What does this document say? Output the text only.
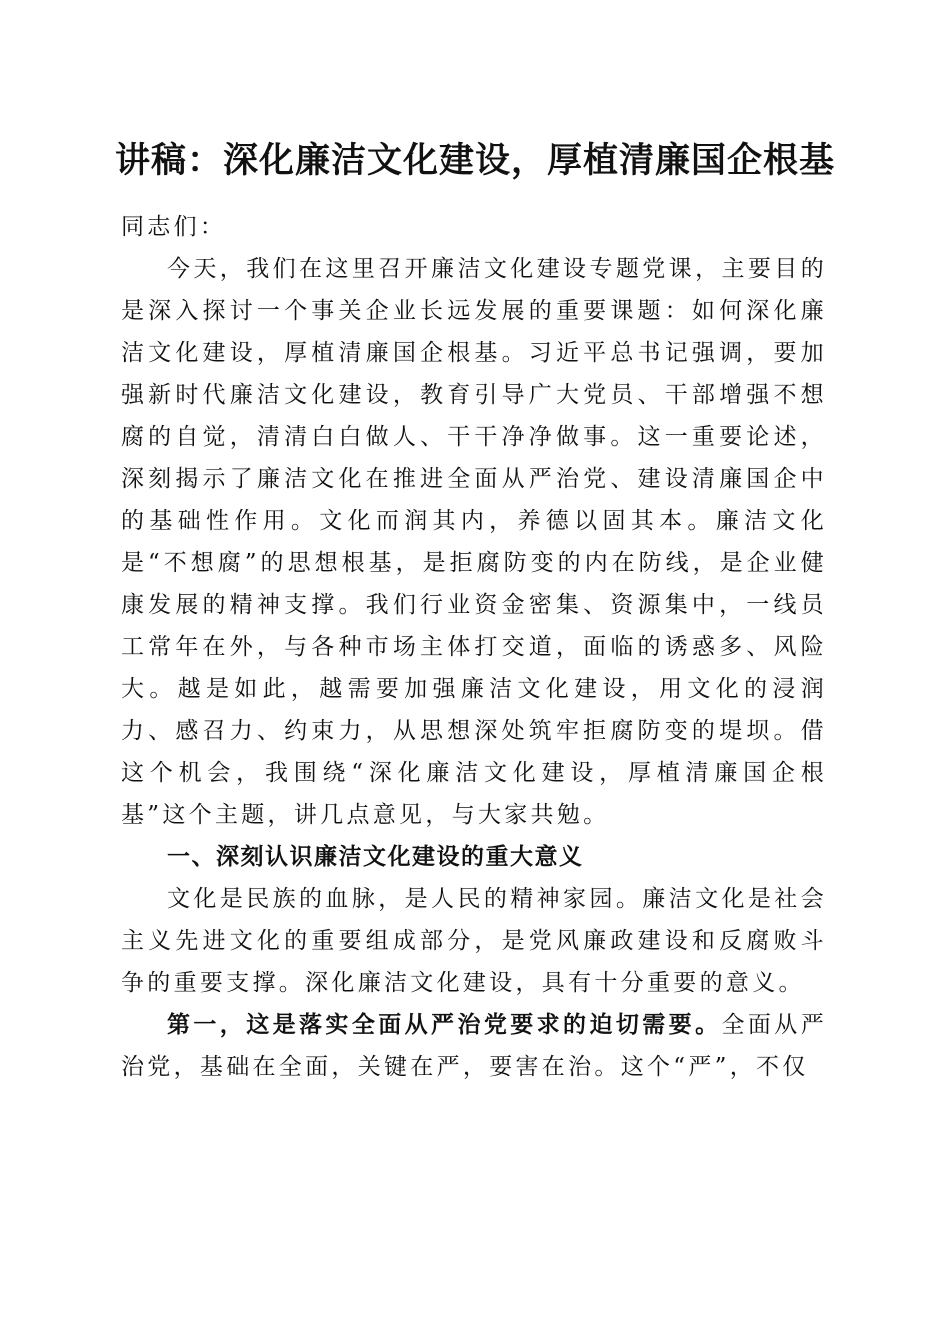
讲稿：深化廉洁文化建设，厚植清廉国企根基

同志们：

今天，我们在这里召开廉洁文化建设专题党课，主要目的是深入探讨一个事关企业长远发展的重要课题：如何深化廉洁文化建设，厚植清廉国企根基。习近平总书记强调，要加强新时代廉洁文化建设，教育引导广大党员、干部增强不想腐的自觉，清清白白做人、干干净净做事。这一重要论述，深刻揭示了廉洁文化在推进全面从严治党、建设清廉国企中的基础性作用。文化而润其内，养德以固其本。廉洁文化是“不想腐”的思想根基，是拒腐防变的内在防线，是企业健康发展的精神支撑。我们行业资金密集、资源集中，一线员工常年在外，与各种市场主体打交道，面临的诱惑多、风险大。越是如此，越需要加强廉洁文化建设，用文化的浸润力、感召力、约束力，从思想深处筑牢拒腐防变的堤坝。借这个机会，我围绕“深化廉洁文化建设，厚植清廉国企根基”这个主题，讲几点意见，与大家共勉。

一、深刻认识廉洁文化建设的重大意义

文化是民族的血脉，是人民的精神家园。廉洁文化是社会主义先进文化的重要组成部分，是党风廉政建设和反腐败斗争的重要支撑。深化廉洁文化建设，具有十分重要的意义。

第一，这是落实全面从严治党要求的迫切需要。全面从严治党，基础在全面，关键在严，要害在治。这个“严”，不仅
